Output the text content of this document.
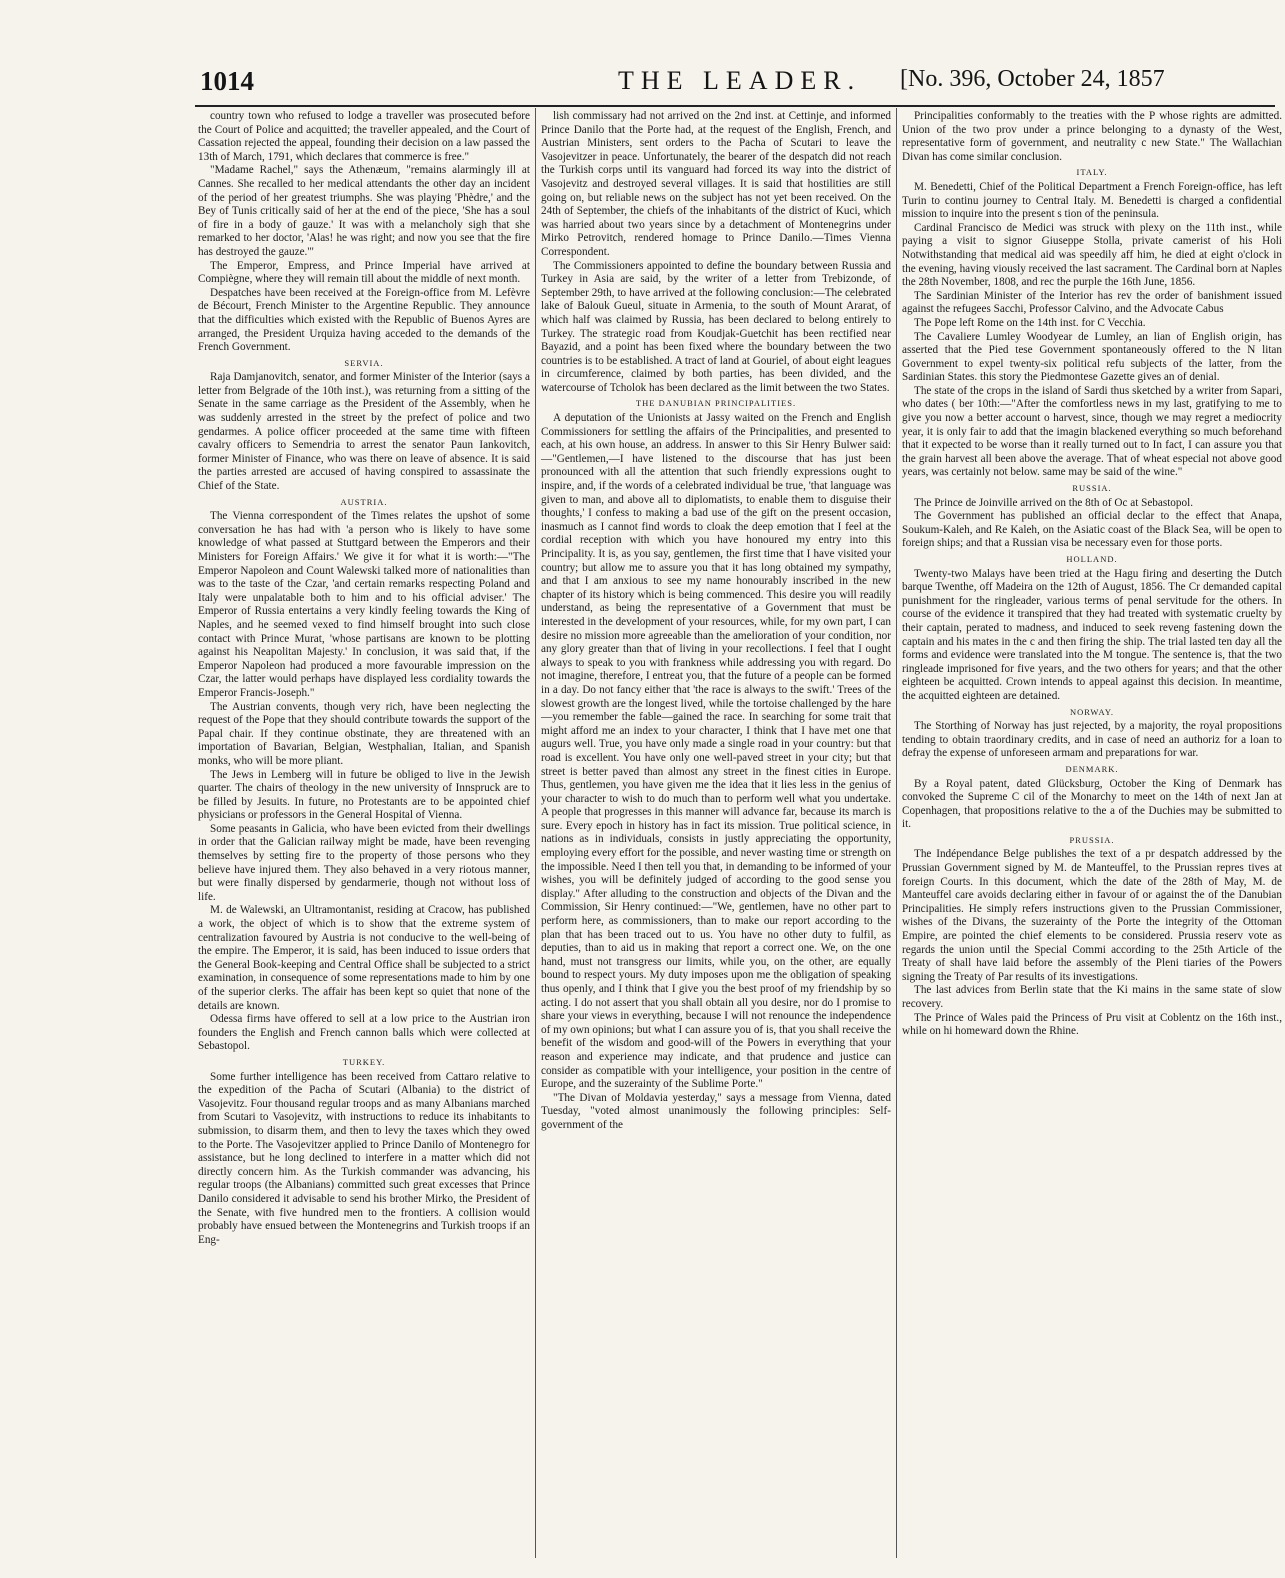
1014	THE LEADER. [No. 396, October 24, 1857

country town who refused to lodge a traveller was prosecuted before the Court of Police and acquitted; the traveller appealed, and the Court of Cassation rejected the appeal, founding their decision on a law passed the 13th of March, 1791, which declares that commerce is free."

"Madame Rachel," says the Athenæum, "remains alarmingly ill at Cannes. She recalled to her medical attendants the other day an incident of the period of her greatest triumphs. She was playing 'Phèdre,' and the Bey of Tunis critically said of her at the end of the piece, 'She has a soul of fire in a body of gauze.' It was with a melancholy sigh that she remarked to her doctor, 'Alas! he was right; and now you see that the fire has destroyed the gauze.'"

The Emperor, Empress, and Prince Imperial have arrived at Compiègne, where they will remain till about the middle of next month.

Despatches have been received at the Foreign-office from M. Lefèvre de Bécourt, French Minister to the Argentine Republic. They announce that the difficulties which existed with the Republic of Buenos Ayres are arranged, the President Urquiza having acceded to the demands of the French Government.

SERVIA.

Raja Damjanovitch, senator, and former Minister of the Interior (says a letter from Belgrade of the 10th inst.), was returning from a sitting of the Senate in the same carriage as the President of the Assembly, when he was suddenly arrested in the street by the prefect of police and two gendarmes. A police officer proceeded at the same time with fifteen cavalry officers to Semendria to arrest the senator Paun Iankovitch, former Minister of Finance, who was there on leave of absence. It is said the parties arrested are accused of having conspired to assassinate the Chief of the State.

AUSTRIA.

The Vienna correspondent of the Times relates the upshot of some conversation he has had with 'a person who is likely to have some knowledge of what passed at Stuttgard between the Emperors and their Ministers for Foreign Affairs.' We give it for what it is worth:—"The Emperor Napoleon and Count Walewski talked more of nationalities than was to the taste of the Czar, 'and certain remarks respecting Poland and Italy were unpalatable both to him and to his official adviser.' The Emperor of Russia entertains a very kindly feeling towards the King of Naples, and he seemed vexed to find himself brought into such close contact with Prince Murat, 'whose partisans are known to be plotting against his Neapolitan Majesty.' In conclusion, it was said that, if the Emperor Napoleon had produced a more favourable impression on the Czar, the latter would perhaps have displayed less cordiality towards the Emperor Francis-Joseph."

The Austrian convents, though very rich, have been neglecting the request of the Pope that they should contribute towards the support of the Papal chair. If they continue obstinate, they are threatened with an importation of Bavarian, Belgian, Westphalian, Italian, and Spanish monks, who will be more pliant.

The Jews in Lemberg will in future be obliged to live in the Jewish quarter. The chairs of theology in the new university of Innspruck are to be filled by Jesuits. In future, no Protestants are to be appointed chief physicians or professors in the General Hospital of Vienna.

Some peasants in Galicia, who have been evicted from their dwellings in order that the Galician railway might be made, have been revenging themselves by setting fire to the property of those persons who they believe have injured them. They also behaved in a very riotous manner, but were finally dispersed by gendarmerie, though not without loss of life.

M. de Walewski, an Ultramontanist, residing at Cracow, has published a work, the object of which is to show that the extreme system of centralization favoured by Austria is not conducive to the well-being of the empire. The Emperor, it is said, has been induced to issue orders that the General Book-keeping and Central Office shall be subjected to a strict examination, in consequence of some representations made to him by one of the superior clerks. The affair has been kept so quiet that none of the details are known.

Odessa firms have offered to sell at a low price to the Austrian iron founders the English and French cannon balls which were collected at Sebastopol.

TURKEY.

Some further intelligence has been received from Cattaro relative to the expedition of the Pacha of Scutari (Albania) to the district of Vasojevitz. Four thousand regular troops and as many Albanians marched from Scutari to Vasojevitz, with instructions to reduce its inhabitants to submission, to disarm them, and then to levy the taxes which they owed to the Porte. The Vasojevitzer applied to Prince Danilo of Montenegro for assistance, but he long declined to interfere in a matter which did not directly concern him. As the Turkish commander was advancing, his regular troops (the Albanians) committed such great excesses that Prince Danilo considered it advisable to send his brother Mirko, the President of the Senate, with five hundred men to the frontiers. A collision would probably have ensued between the Montenegrins and Turkish troops if an Eng-

lish commissary had not arrived on the 2nd inst. at Cettinje, and informed Prince Danilo that the Porte had, at the request of the English, French, and Austrian Ministers, sent orders to the Pacha of Scutari to leave the Vasojevitzer in peace. Unfortunately, the bearer of the despatch did not reach the Turkish corps until its vanguard had forced its way into the district of Vasojevitz and destroyed several villages. It is said that hostilities are still going on, but reliable news on the subject has not yet been received. On the 24th of September, the chiefs of the inhabitants of the district of Kuci, which was harried about two years since by a detachment of Montenegrins under Mirko Petrovitch, rendered homage to Prince Danilo.—Times Vienna Correspondent.

The Commissioners appointed to define the boundary between Russia and Turkey in Asia are said, by the writer of a letter from Trebizonde, of September 29th, to have arrived at the following conclusion:—The celebrated lake of Balouk Gueul, situate in Armenia, to the south of Mount Ararat, of which half was claimed by Russia, has been declared to belong entirely to Turkey. The strategic road from Koudjak-Guetchit has been rectified near Bayazid, and a point has been fixed where the boundary between the two countries is to be established. A tract of land at Gouriel, of about eight leagues in circumference, claimed by both parties, has been divided, and the watercourse of Tcholok has been declared as the limit between the two States.

THE DANUBIAN PRINCIPALITIES.

A deputation of the Unionists at Jassy waited on the French and English Commissioners for settling the affairs of the Principalities, and presented to each, at his own house, an address. In answer to this Sir Henry Bulwer said:—"Gentlemen,—I have listened to the discourse that has just been pronounced with all the attention that such friendly expressions ought to inspire, and, if the words of a celebrated individual be true, 'that language was given to man, and above all to diplomatists, to enable them to disguise their thoughts,' I confess to making a bad use of the gift on the present occasion, inasmuch as I cannot find words to cloak the deep emotion that I feel at the cordial reception with which you have honoured my entry into this Principality. It is, as you say, gentlemen, the first time that I have visited your country; but allow me to assure you that it has long obtained my sympathy, and that I am anxious to see my name honourably inscribed in the new chapter of its history which is being commenced. This desire you will readily understand, as being the representative of a Government that must be interested in the development of your resources, while, for my own part, I can desire no mission more agreeable than the amelioration of your condition, nor any glory greater than that of living in your recollections. I feel that I ought always to speak to you with frankness while addressing you with regard. Do not imagine, therefore, I entreat you, that the future of a people can be formed in a day. Do not fancy either that 'the race is always to the swift.' Trees of the slowest growth are the longest lived, while the tortoise challenged by the hare—you remember the fable—gained the race. In searching for some trait that might afford me an index to your character, I think that I have met one that augurs well. True, you have only made a single road in your country: but that road is excellent. You have only one well-paved street in your city; but that street is better paved than almost any street in the finest cities in Europe. Thus, gentlemen, you have given me the idea that it lies less in the genius of your character to wish to do much than to perform well what you undertake. A people that progresses in this manner will advance far, because its march is sure. Every epoch in history has in fact its mission. True political science, in nations as in individuals, consists in justly appreciating the opportunity, employing every effort for the possible, and never wasting time or strength on the impossible. Need I then tell you that, in demanding to be informed of your wishes, you will be definitely judged of according to the good sense you display." After alluding to the construction and objects of the Divan and the Commission, Sir Henry continued:—"We, gentlemen, have no other part to perform here, as commissioners, than to make our report according to the plan that has been traced out to us. You have no other duty to fulfil, as deputies, than to aid us in making that report a correct one. We, on the one hand, must not transgress our limits, while you, on the other, are equally bound to respect yours. My duty imposes upon me the obligation of speaking thus openly, and I think that I give you the best proof of my friendship by so acting. I do not assert that you shall obtain all you desire, nor do I promise to share your views in everything, because I will not renounce the independence of my own opinions; but what I can assure you of is, that you shall receive the benefit of the wisdom and good-will of the Powers in everything that your reason and experience may indicate, and that prudence and justice can consider as compatible with your intelligence, your position in the centre of Europe, and the suzerainty of the Sublime Porte."

"The Divan of Moldavia yesterday," says a message from Vienna, dated Tuesday, "voted almost unanimously the following principles: Self-government of the

Principalities conformably to the treaties with the P whose rights are admitted. Union of the two prov under a prince belonging to a dynasty of the West, representative form of government, and neutrality c new State." The Wallachian Divan has come similar conclusion.

ITALY.

M. Benedetti, Chief of the Political Department a French Foreign-office, has left Turin to continu journey to Central Italy. M. Benedetti is charged a confidential mission to inquire into the present s tion of the peninsula.

Cardinal Francisco de Medici was struck with plexy on the 11th inst., while paying a visit to signor Giuseppe Stolla, private camerist of his Holi Notwithstanding that medical aid was speedily aff him, he died at eight o'clock in the evening, having viously received the last sacrament. The Cardinal born at Naples the 28th November, 1808, and rec the purple the 16th June, 1856.

The Sardinian Minister of the Interior has rev the order of banishment issued against the refugees Sacchi, Professor Calvino, and the Advocate Cabus

The Pope left Rome on the 14th inst. for C Vecchia.

The Cavaliere Lumley Woodyear de Lumley, an lian of English origin, has asserted that the Pied tese Government spontaneously offered to the N litan Government to expel twenty-six political refu subjects of the latter, from the Sardinian States. this story the Piedmontese Gazette gives an of denial.

The state of the crops in the island of Sardi thus sketched by a writer from Sapari, who dates ( ber 10th:—"After the comfortless news in my last, gratifying to me to give you now a better account o harvest, since, though we may regret a mediocrity year, it is only fair to add that the imagin blackened everything so much beforehand that it expected to be worse than it really turned out to In fact, I can assure you that the grain harvest all been above the average. That of wheat especial not above good years, was certainly not below. same may be said of the wine."

RUSSIA.

The Prince de Joinville arrived on the 8th of Oc at Sebastopol.

The Government has published an official declar to the effect that Anapa, Soukum-Kaleh, and Re Kaleh, on the Asiatic coast of the Black Sea, will be open to foreign ships; and that a Russian visa be necessary even for those ports.

HOLLAND.

Twenty-two Malays have been tried at the Hagu firing and deserting the Dutch barque Twenthe, off Madeira on the 12th of August, 1856. The Cr demanded capital punishment for the ringleader, various terms of penal servitude for the others. In course of the evidence it transpired that they had treated with systematic cruelty by their captain, perated to madness, and induced to seek reveng fastening down the captain and his mates in the c and then firing the ship. The trial lasted ten day all the forms and evidence were translated into the M tongue. The sentence is, that the two ringleade imprisoned for five years, and the two others for years; and that the other eighteen be acquitted. Crown intends to appeal against this decision. In meantime, the acquitted eighteen are detained.

NORWAY.

The Storthing of Norway has just rejected, by a majority, the royal propositions tending to obtain traordinary credits, and in case of need an authoriz for a loan to defray the expense of unforeseen armam and preparations for war.

DENMARK.

By a Royal patent, dated Glücksburg, October the King of Denmark has convoked the Supreme C cil of the Monarchy to meet on the 14th of next Jan at Copenhagen, that propositions relative to the a of the Duchies may be submitted to it.

PRUSSIA.

The Indépendance Belge publishes the text of a pr despatch addressed by the Prussian Government signed by M. de Manteuffel, to the Prussian repres tives at foreign Courts. In this document, which the date of the 28th of May, M. de Manteuffel care avoids declaring either in favour of or against the of the Danubian Principalities. He simply refers instructions given to the Prussian Commissioner, wishes of the Divans, the suzerainty of the Porte the integrity of the Ottoman Empire, are pointed the chief elements to be considered. Prussia reserv vote as regards the union until the Special Commi according to the 25th Article of the Treaty of shall have laid before the assembly of the Pleni tiaries of the Powers signing the Treaty of Par results of its investigations.

The last advices from Berlin state that the Ki mains in the same state of slow recovery.

The Prince of Wales paid the Princess of Pru visit at Coblentz on the 16th inst., while on hi homeward down the Rhine.
